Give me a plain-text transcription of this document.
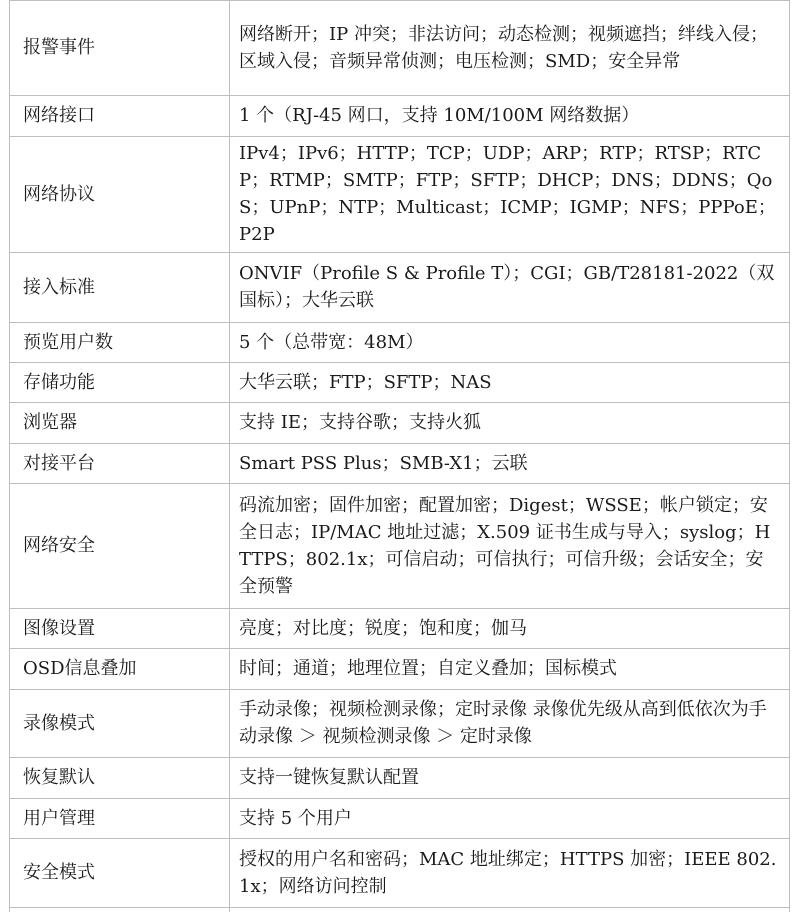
报警事件	网络断开；IP 冲突；非法访问；动态检测；视频遮挡；绊线入侵；区域入侵；音频异常侦测；电压检测；SMD；安全异常
网络接口	1 个（RJ-45 网口，支持 10M/100M 网络数据）
网络协议	IPv4；IPv6；HTTP；TCP；UDP；ARP；RTP；RTSP；RTCP；RTMP；SMTP；FTP；SFTP；DHCP；DNS；DDNS；QoS；UPnP；NTP；Multicast；ICMP；IGMP；NFS；PPPoE；P2P
接入标准	ONVIF（Profile S & Profile T）；CGI；GB/T28181-2022（双国标）；大华云联
预览用户数	5 个（总带宽：48M）
存储功能	大华云联；FTP；SFTP；NAS
浏览器	支持 IE；支持谷歌；支持火狐
对接平台	Smart PSS Plus；SMB-X1；云联
网络安全	码流加密；固件加密；配置加密；Digest；WSSE；帐户锁定；安全日志；IP/MAC 地址过滤；X.509 证书生成与导入；syslog；HTTPS；802.1x；可信启动；可信执行；可信升级；会话安全；安全预警
图像设置	亮度；对比度；锐度；饱和度；伽马
OSD信息叠加	时间；通道；地理位置；自定义叠加；国标模式
录像模式	手动录像；视频检测录像；定时录像 录像优先级从高到低依次为手动录像 ＞ 视频检测录像 ＞ 定时录像
恢复默认	支持一键恢复默认配置
用户管理	支持 5 个用户
安全模式	授权的用户名和密码；MAC 地址绑定；HTTPS 加密；IEEE 802.1x；网络访问控制
